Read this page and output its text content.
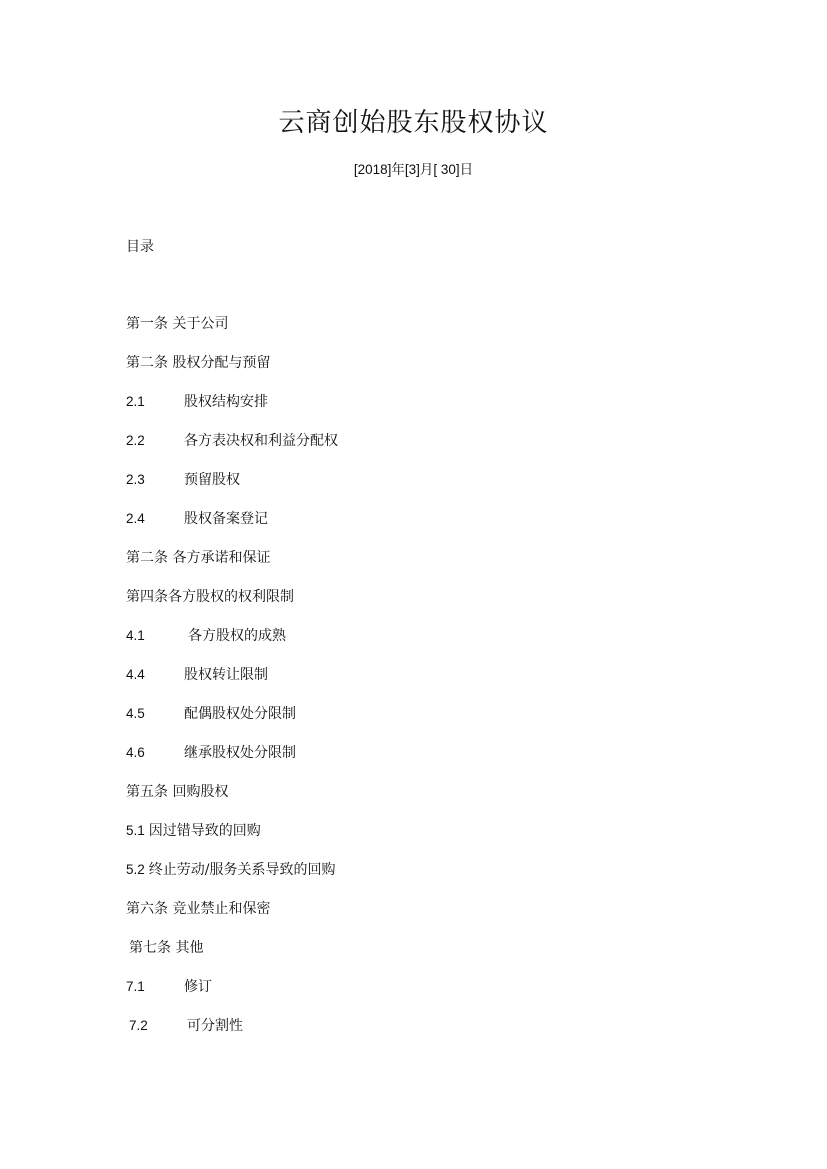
云商创始股东股权协议
[2018]年[3]月[ 30]日
目录
第一条 关于公司
第二条 股权分配与预留
2.1	股权结构安排
2.2	各方表决权和利益分配权
2.3	预留股权
2.4	股权备案登记
第二条 各方承诺和保证
第四条各方股权的权利限制
4.1	各方股权的成熟
4.4	股权转让限制
4.5	配偶股权处分限制
4.6	继承股权处分限制
第五条 回购股权
5.1 因过错导致的回购
5.2 终止劳动/服务关系导致的回购
第六条 竞业禁止和保密
第七条 其他
7.1	修订
7.2	可分割性
